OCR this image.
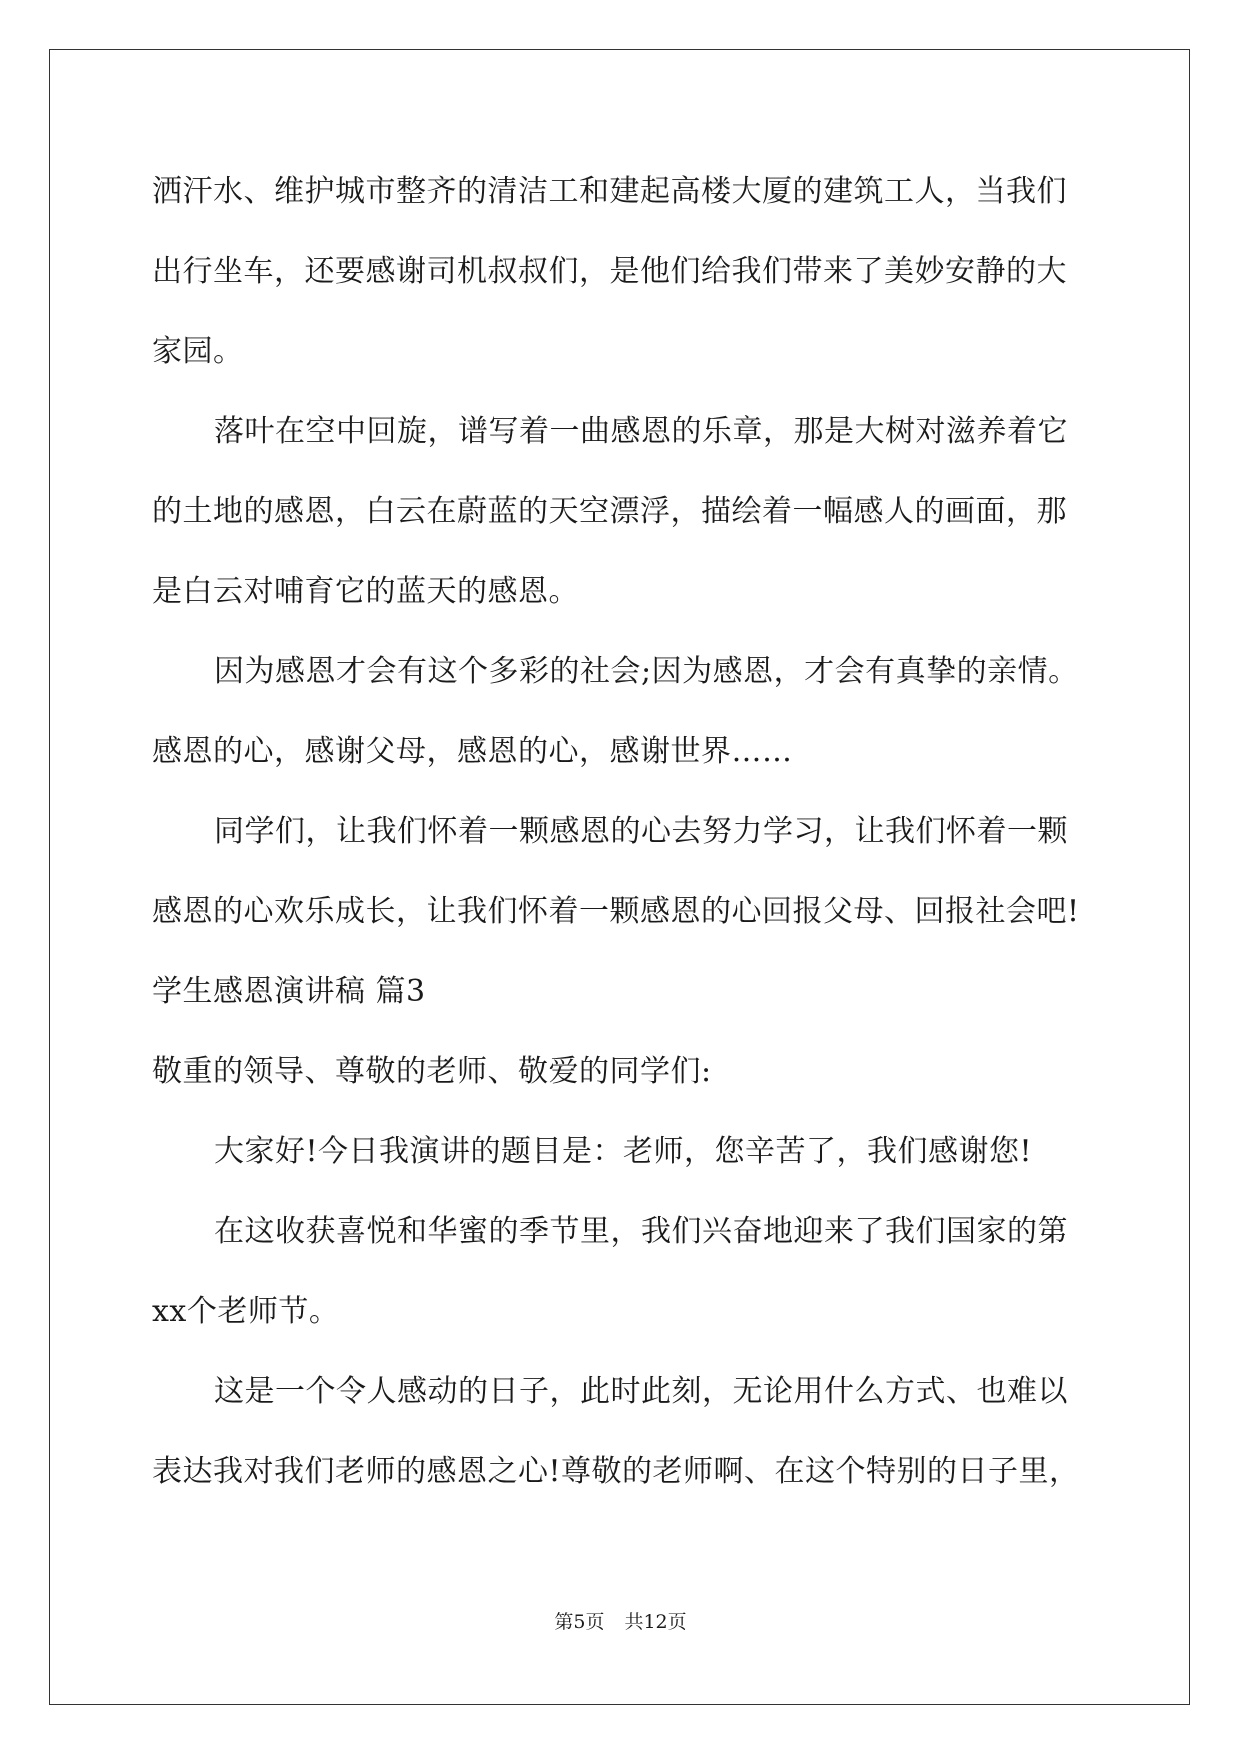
洒汗水、维护城市整齐的清洁工和建起高楼大厦的建筑工人，当我们
出行坐车，还要感谢司机叔叔们，是他们给我们带来了美妙安静的大
家园。
落叶在空中回旋，谱写着一曲感恩的乐章，那是大树对滋养着它
的土地的感恩，白云在蔚蓝的天空漂浮，描绘着一幅感人的画面，那
是白云对哺育它的蓝天的感恩。
因为感恩才会有这个多彩的社会;因为感恩，才会有真挚的亲情。
感恩的心，感谢父母，感恩的心，感谢世界……
同学们，让我们怀着一颗感恩的心去努力学习，让我们怀着一颗
感恩的心欢乐成长，让我们怀着一颗感恩的心回报父母、回报社会吧!
学生感恩演讲稿 篇3
敬重的领导、尊敬的老师、敬爱的同学们:
大家好!今日我演讲的题目是：老师，您辛苦了，我们感谢您!
在这收获喜悦和华蜜的季节里，我们兴奋地迎来了我们国家的第
xx个老师节。
这是一个令人感动的日子，此时此刻，无论用什么方式、也难以
表达我对我们老师的感恩之心!尊敬的老师啊、在这个特别的日子里，
第5页 共12页
